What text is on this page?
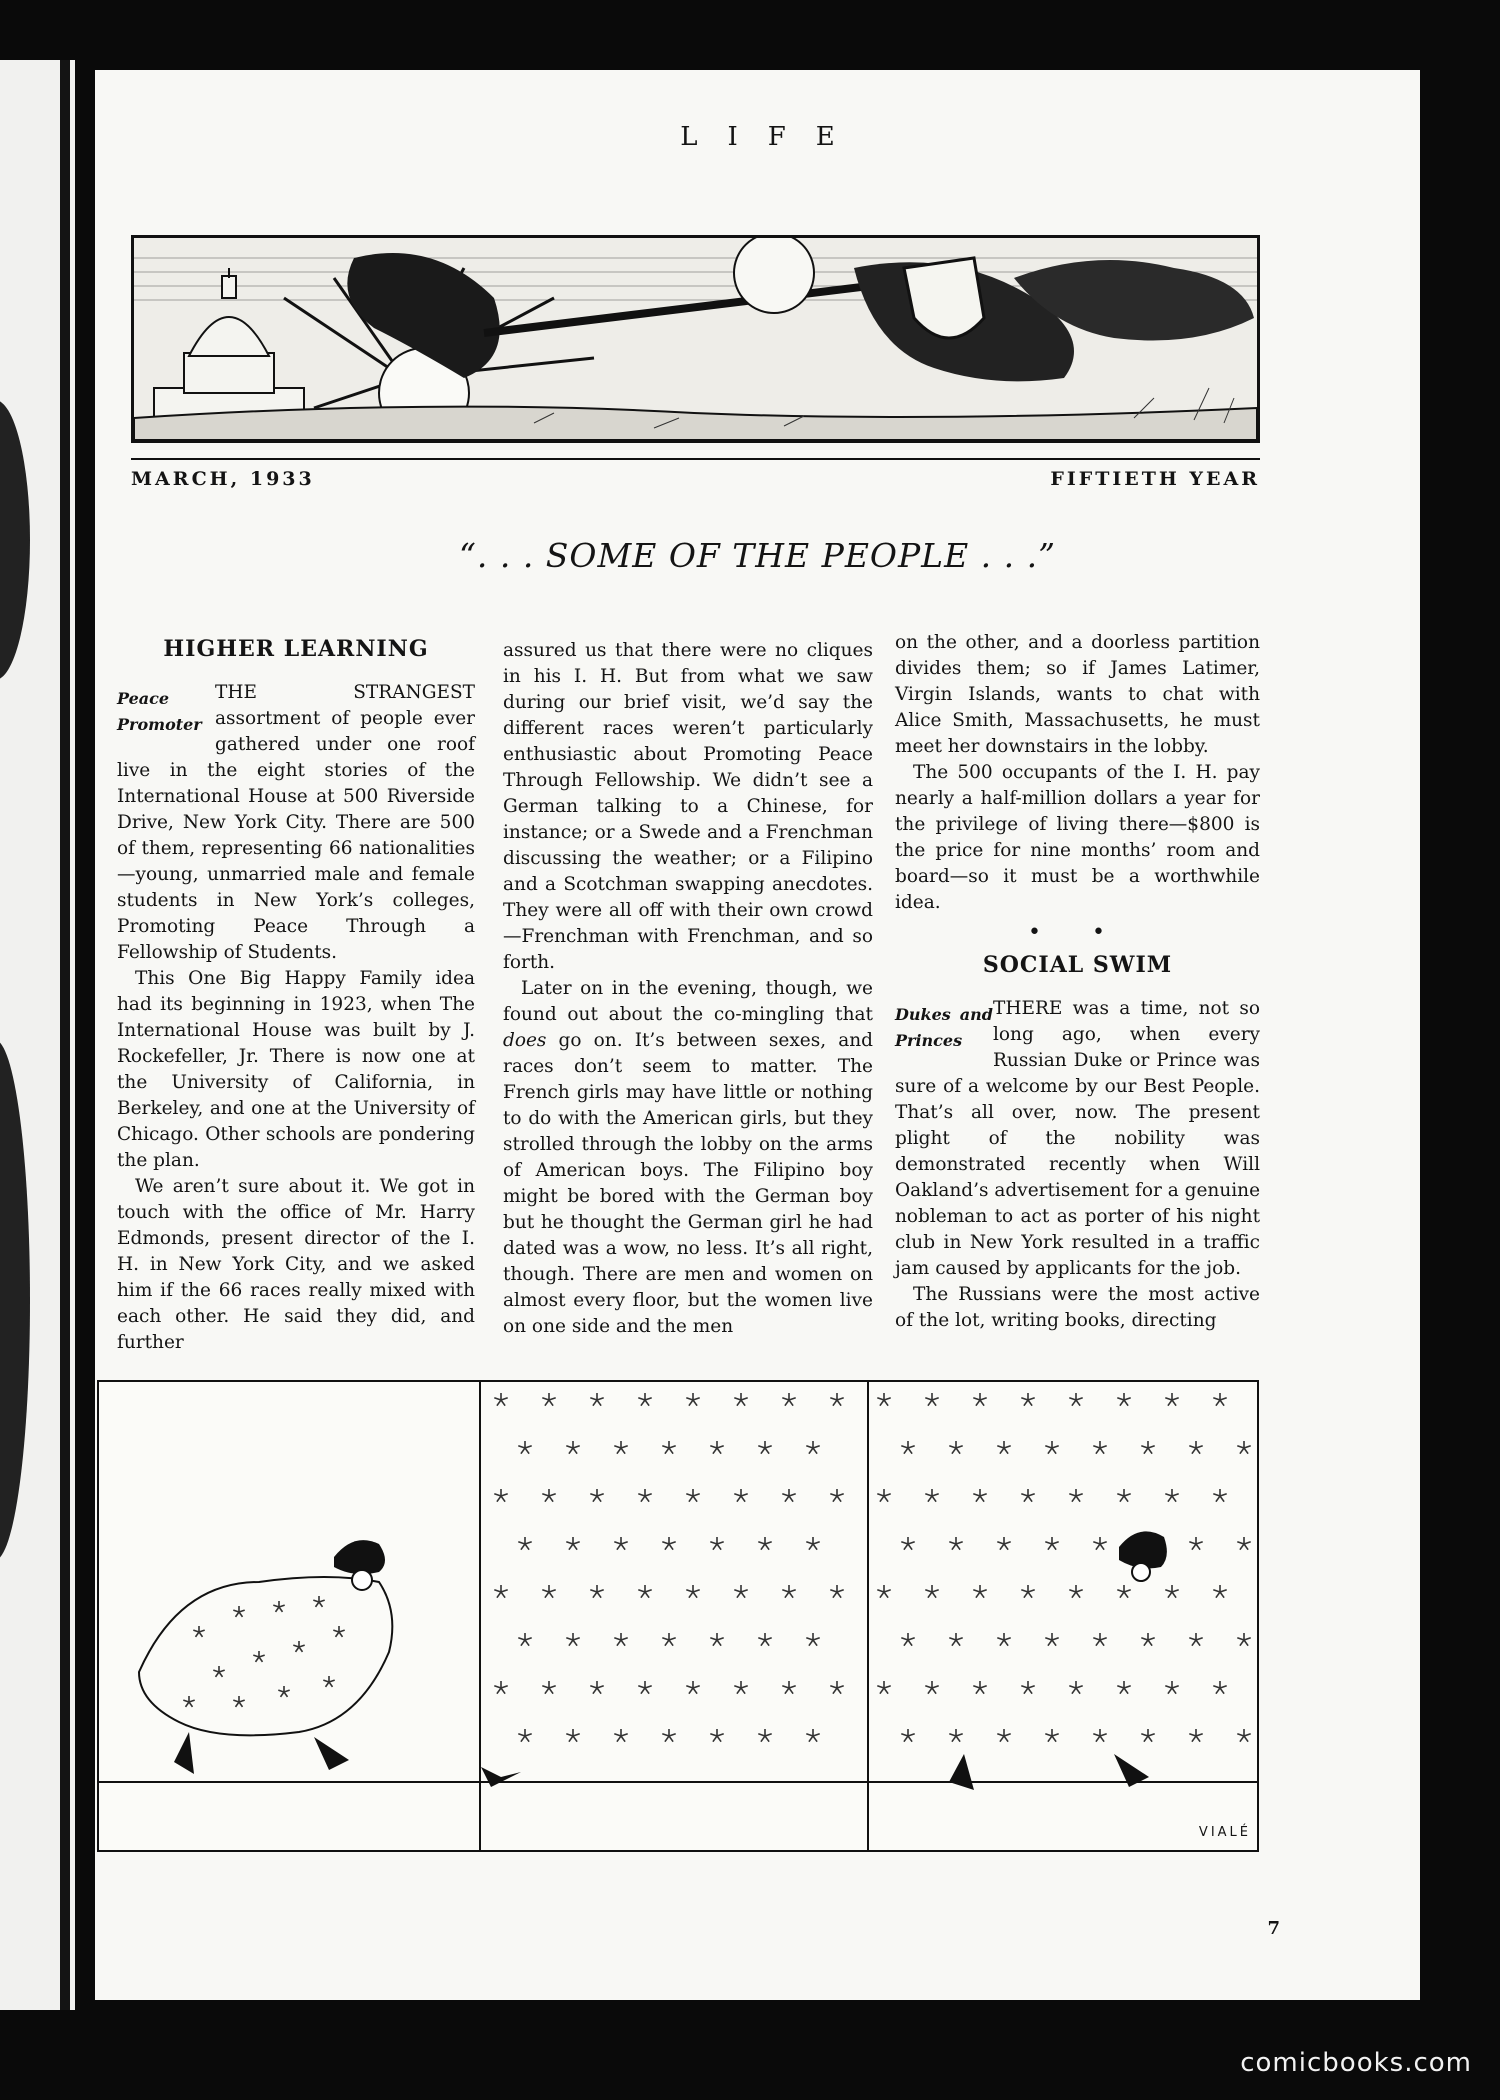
LIFE
MARCH, 1933	FIFTIETH YEAR
“. . . SOME OF THE PEOPLE . . .”
HIGHER LEARNING

Peace Promoter
THE STRANGEST assortment of people ever gathered under one roof live in the eight stories of the International House at 500 Riverside Drive, New York City. There are 500 of them, representing 66 nationalities—young, unmarried male and female students in New York’s colleges, Promoting Peace Through a Fellowship of Students.

This One Big Happy Family idea had its beginning in 1923, when The International House was built by J. Rockefeller, Jr. There is now one at the University of California, in Berkeley, and one at the University of Chicago. Other schools are pondering the plan.

We aren’t sure about it. We got in touch with the office of Mr. Harry Edmonds, present director of the I. H. in New York City, and we asked him if the 66 races really mixed with each other. He said they did, and further

assured us that there were no cliques in his I. H. But from what we saw during our brief visit, we’d say the different races weren’t particularly enthusiastic about Promoting Peace Through Fellowship. We didn’t see a German talking to a Chinese, for instance; or a Swede and a Frenchman discussing the weather; or a Filipino and a Scotchman swapping anecdotes. They were all off with their own crowd—Frenchman with Frenchman, and so forth.

Later on in the evening, though, we found out about the co-mingling that does go on. It’s between sexes, and races don’t seem to matter. The French girls may have little or nothing to do with the American girls, but they strolled through the lobby on the arms of American boys. The Filipino boy might be bored with the German boy but he thought the German girl he had dated was a wow, no less. It’s all right, though. There are men and women on almost every floor, but the women live on one side and the men

on the other, and a doorless partition divides them; so if James Latimer, Virgin Islands, wants to chat with Alice Smith, Massachusetts, he must meet her downstairs in the lobby.

The 500 occupants of the I. H. pay nearly a half-million dollars a year for the privilege of living there—$800 is the price for nine months’ room and board—so it must be a worthwhile idea.

• •
SOCIAL SWIM

Dukes and Princes
THERE was a time, not so long ago, when every Russian Duke or Prince was sure of a welcome by our Best People. That’s all over, now. The present plight of the nobility was demonstrated recently when Will Oakland’s advertisement for a genuine nobleman to act as porter of his night club in New York resulted in a traffic jam caused by applicants for the job.

The Russians were the most active of the lot, writing books, directing

VIALÉ
7
comicbooks.com
